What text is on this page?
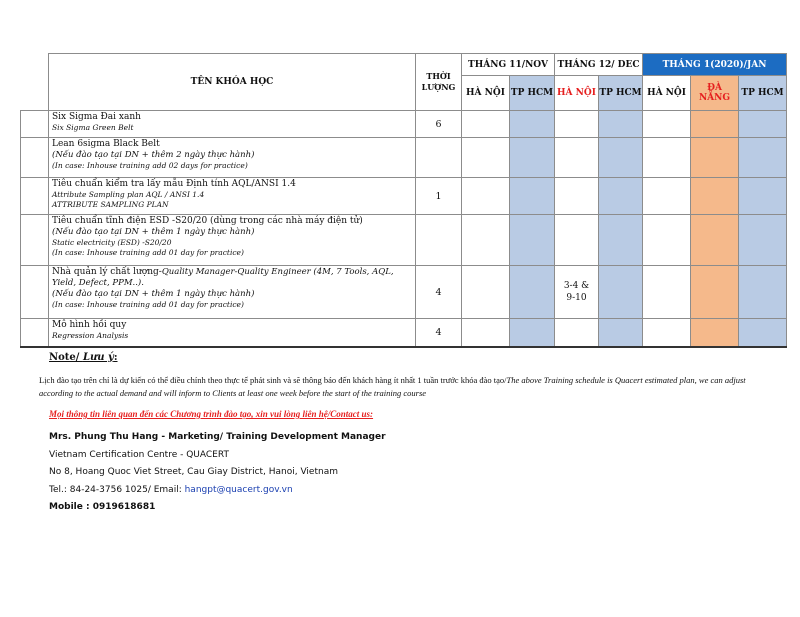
	TÊN KHÓA HỌC	THỜI
LƯỢNG	THÁNG 11/NOV		THÁNG 12/ DEC		THÁNG 1(2020)/JAN		
			HÀ NỘI	TP HCM	HÀ NỘI	TP HCM	HÀ NỘI	ĐÀ NẴNG	TP HCM

	Six Sigma Đai xanh
Six Sigma Green Belt	6							

	Lean 6sigma Black Belt
(Nếu đào tạo tại DN + thêm 2 ngày thực hành)
(In case: Inhouse training add 02 days for practice)								

	Tiêu chuẩn kiểm tra lấy mẫu Định tính AQL/ANSI 1.4
Attribute Sampling plan AQL / ANSI 1.4
ATTRIBUTE SAMPLING PLAN	1							

	Tiêu chuẩn tĩnh điện ESD -S20/20 (dùng trong các nhà máy điện tử)
(Nếu đào tạo tại DN + thêm 1 ngày thực hành)
Static electricity (ESD) -S20/20
(In case: Inhouse training add 01 day for practice)								

	Nhà quản lý chất lượng-Quality Manager-Quality Engineer (4M, 7 Tools, AQL, Yield, Defect, PPM..).
(Nếu đào tạo tại DN + thêm 1 ngày thực hành)
(In case: Inhouse training add 01 day for practice)	4			3-4 &
9-10				

	Mô hình hồi quy
Regression Analysis	4							
Note/ Lưu ý:
Lịch đào tạo trên chỉ là dự kiến có thể điều chỉnh theo thực tế phát sinh và sẽ thông báo đến khách hàng ít nhất 1 tuần trước khóa đào tạo/The above Training schedule is Quacert estimated plan, we can adjust according to the actual demand and will inform to Clients at least one week before the start of the training course
Mọi thông tin liên quan đến các Chương trình đào tạo, xin vui lòng liên hệ/Contact us:
Mrs. Phung Thu Hang - Marketing/ Training Development Manager
Vietnam Certification Centre - QUACERT
No 8, Hoang Quoc Viet Street, Cau Giay District, Hanoi, Vietnam
Tel.: 84-24-3756 1025/ Email: hangpt@quacert.gov.vn
Mobile : 0919618681
